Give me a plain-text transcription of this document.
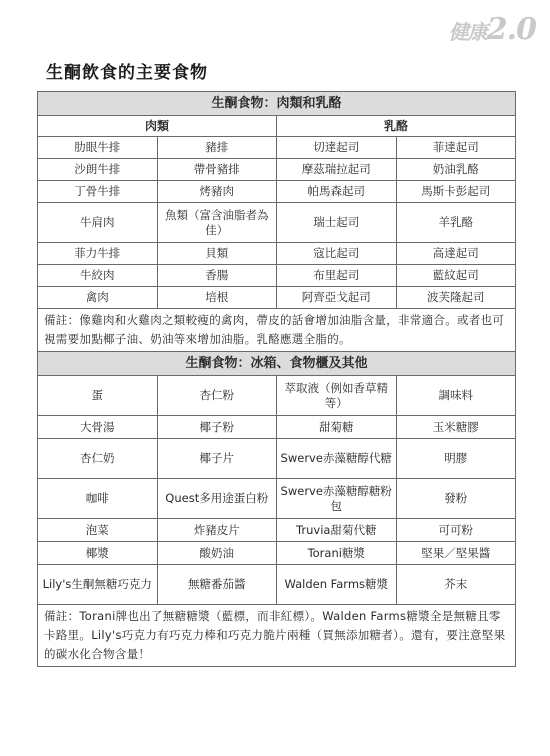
健康2.0
生酮飲食的主要食物
生酮食物：肉類和乳酪			
肉類		乳酪	
肋眼牛排	豬排	切達起司	菲達起司
沙朗牛排	帶骨豬排	摩茲瑞拉起司	奶油乳酪
丁骨牛排	烤豬肉	帕馬森起司	馬斯卡彭起司
牛肩肉	魚類（富含油脂者為佳）	瑞士起司	羊乳酪
菲力牛排	貝類	寇比起司	高達起司
牛絞肉	香腸	布里起司	藍紋起司
禽肉	培根	阿齊亞戈起司	波芙隆起司
備註：像雞肉和火雞肉之類較瘦的禽肉，帶皮的話會增加油脂含量，非常適合。或者也可視需要加點椰子油、奶油等來增加油脂。乳酪應選全脂的。			
生酮食物：冰箱、食物櫃及其他			
蛋	杏仁粉	萃取液（例如香草精等）	調味料
大骨湯	椰子粉	甜菊糖	玉米糖膠
杏仁奶	椰子片	Swerve赤藻糖醇代糖	明膠
咖啡	Quest多用途蛋白粉	Swerve赤藻糖醇糖粉包	發粉
泡菜	炸豬皮片	Truvia甜菊代糖	可可粉
椰漿	酸奶油	Torani糖漿	堅果／堅果醬
Lily's生酮無糖巧克力	無糖番茄醬	Walden Farms糖漿	芥末
備註：Torani牌也出了無糖糖漿（藍標，而非紅標）。Walden Farms糖漿全是無糖且零卡路里。Lily's巧克力有巧克力棒和巧克力脆片兩種（買無添加糖者）。還有，要注意堅果的碳水化合物含量！			
